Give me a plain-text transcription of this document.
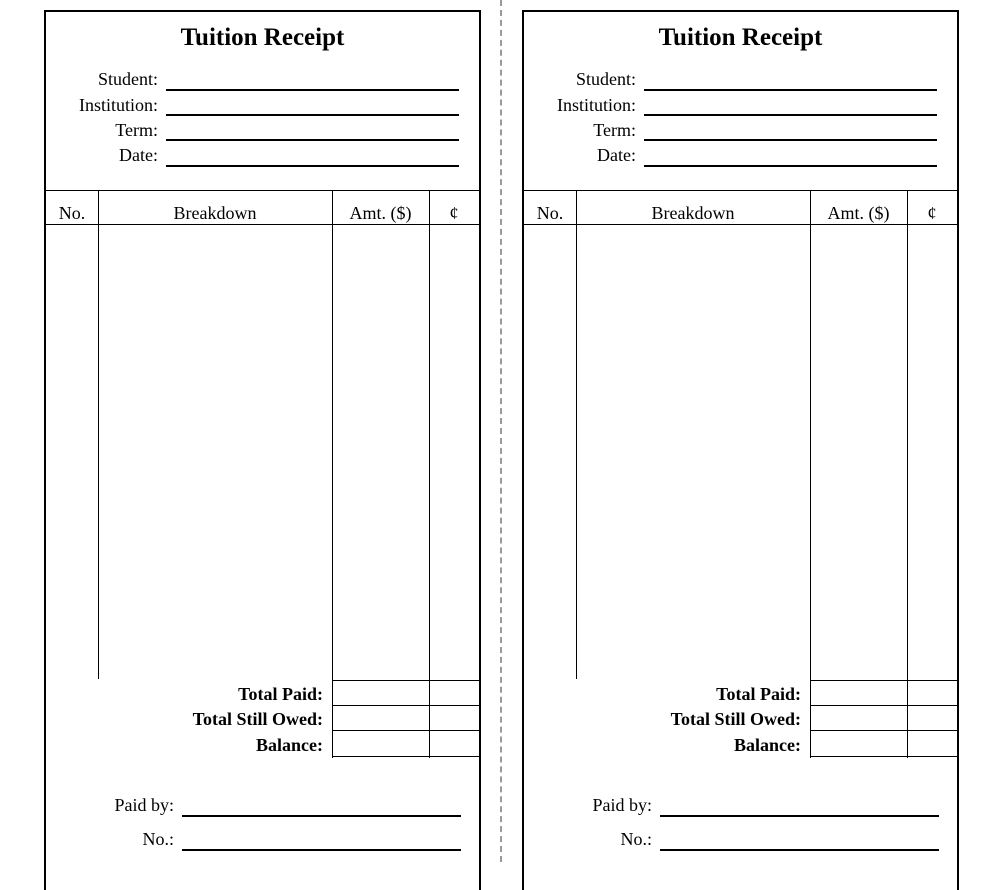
Tuition Receipt
Student:
Institution:
Term:
Date:
No.	Breakdown	Amt. ($)	¢
Total Paid:
Total Still Owed:
Balance:
Paid by:
No.:
Tuition Receipt
Student:
Institution:
Term:
Date:
No.	Breakdown	Amt. ($)	¢
Total Paid:
Total Still Owed:
Balance:
Paid by:
No.:
